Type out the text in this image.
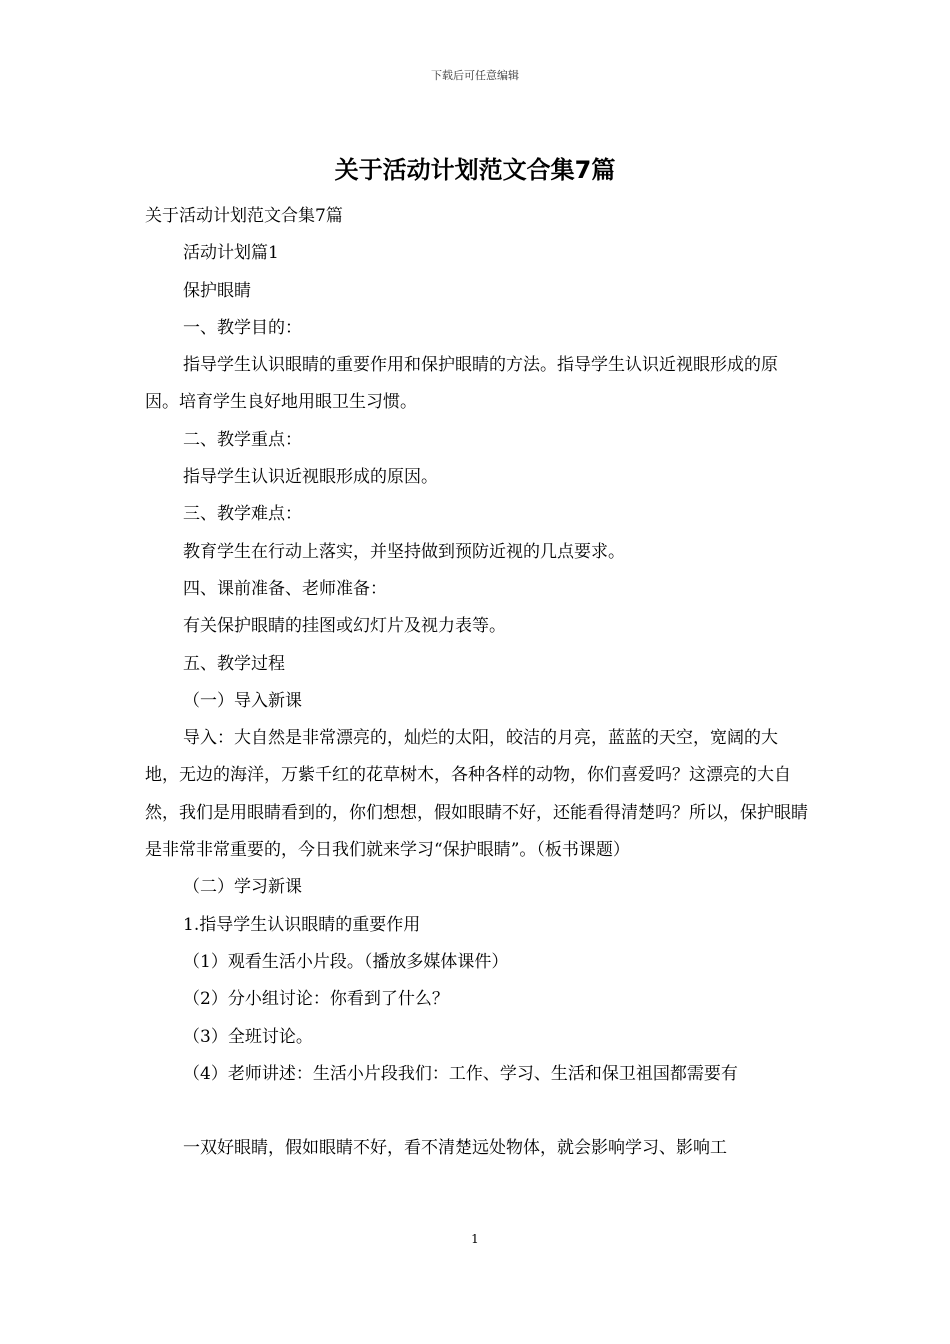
下载后可任意编辑
关于活动计划范文合集7篇

关于活动计划范文合集7篇

活动计划篇1

保护眼睛

一、教学目的：

指导学生认识眼睛的重要作用和保护眼睛的方法。指导学生认识近视眼形成的原因。培育学生良好地用眼卫生习惯。

二、教学重点：

指导学生认识近视眼形成的原因。

三、教学难点：

教育学生在行动上落实，并坚持做到预防近视的几点要求。

四、课前准备、老师准备：

有关保护眼睛的挂图或幻灯片及视力表等。

五、教学过程

（一）导入新课

导入：大自然是非常漂亮的，灿烂的太阳，皎洁的月亮，蓝蓝的天空，宽阔的大地，无边的海洋，万紫千红的花草树木，各种各样的动物，你们喜爱吗？这漂亮的大自然，我们是用眼睛看到的，你们想想，假如眼睛不好，还能看得清楚吗？所以，保护眼睛是非常非常重要的，今日我们就来学习“保护眼睛”。（板书课题）

（二）学习新课

1.指导学生认识眼睛的重要作用

（1）观看生活小片段。（播放多媒体课件）

（2）分小组讨论：你看到了什么？

（3）全班讨论。

（4）老师讲述：生活小片段我们：工作、学习、生活和保卫祖国都需要有

一双好眼睛，假如眼睛不好，看不清楚远处物体，就会影响学习、影响工

1
